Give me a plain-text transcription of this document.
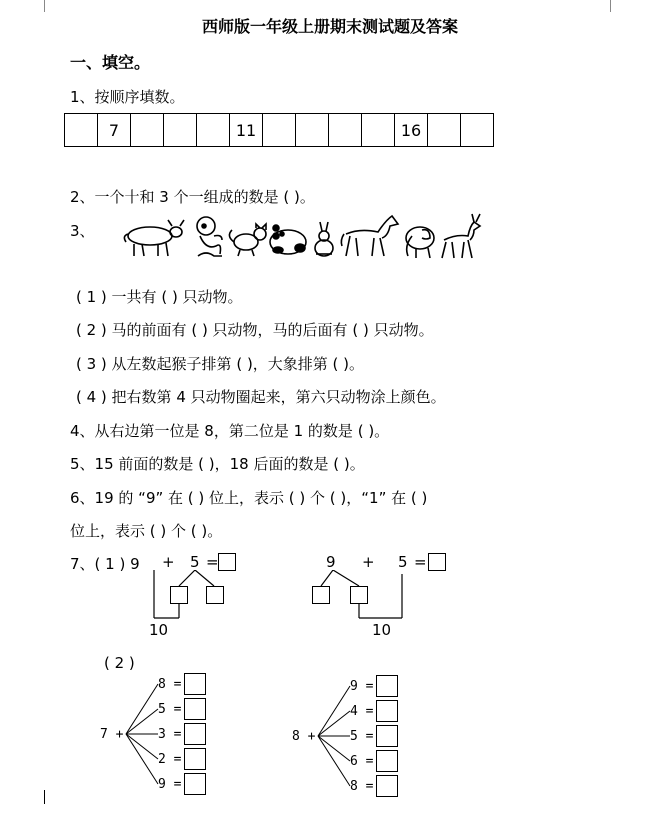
西师版一年级上册期末测试题及答案
一、填空。
1、按顺序填数。
	7				11					16		
2、一个十和 3 个一组成的数是 ( )。
3、
( 1 ) 一共有 ( ) 只动物。
( 2 ) 马的前面有 ( ) 只动物，马的后面有 ( ) 只动物。
( 3 ) 从左数起猴子排第 ( )，大象排第 ( )。
( 4 ) 把右数第 4 只动物圈起来，第六只动物涂上颜色。
4、从右边第一位是 8，第二位是 1 的数是 ( )。
5、15 前面的数是 ( )，18 后面的数是 ( )。
6、19 的 “9” 在 ( ) 位上，表示 ( ) 个 ( )，“1” 在 ( )
位上，表示 ( ) 个 ( )。
7、( 1 ) 9 + 5 =
10
9 + 5 =
10
( 2 )
7 +
8 =
5 =
3 =
2 =
9 =
8 +
9 =
4 =
5 =
6 =
8 =
